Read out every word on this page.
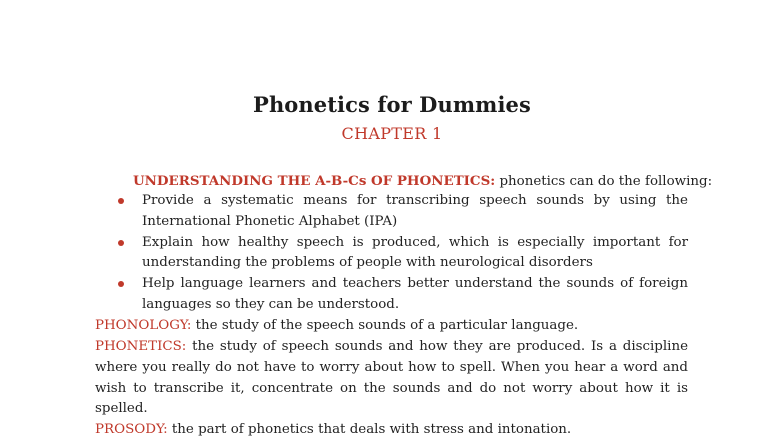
Phonetics for Dummies
CHAPTER 1
UNDERSTANDING THE A-B-Cs OF PHONETICS: phonetics can do the following:
Provide a systematic means for transcribing speech sounds by using the International Phonetic Alphabet (IPA)
Explain how healthy speech is produced, which is especially important for understanding the problems of people with neurological disorders
Help language learners and teachers better understand the sounds of foreign languages so they can be understood.

PHONOLOGY: the study of the speech sounds of a particular language.

PHONETICS: the study of speech sounds and how they are produced. Is a discipline where you really do not have to worry about how to spell. When you hear a word and wish to transcribe it, concentrate on the sounds and do not worry about how it is spelled.

PROSODY: the part of phonetics that deals with stress and intonation.
